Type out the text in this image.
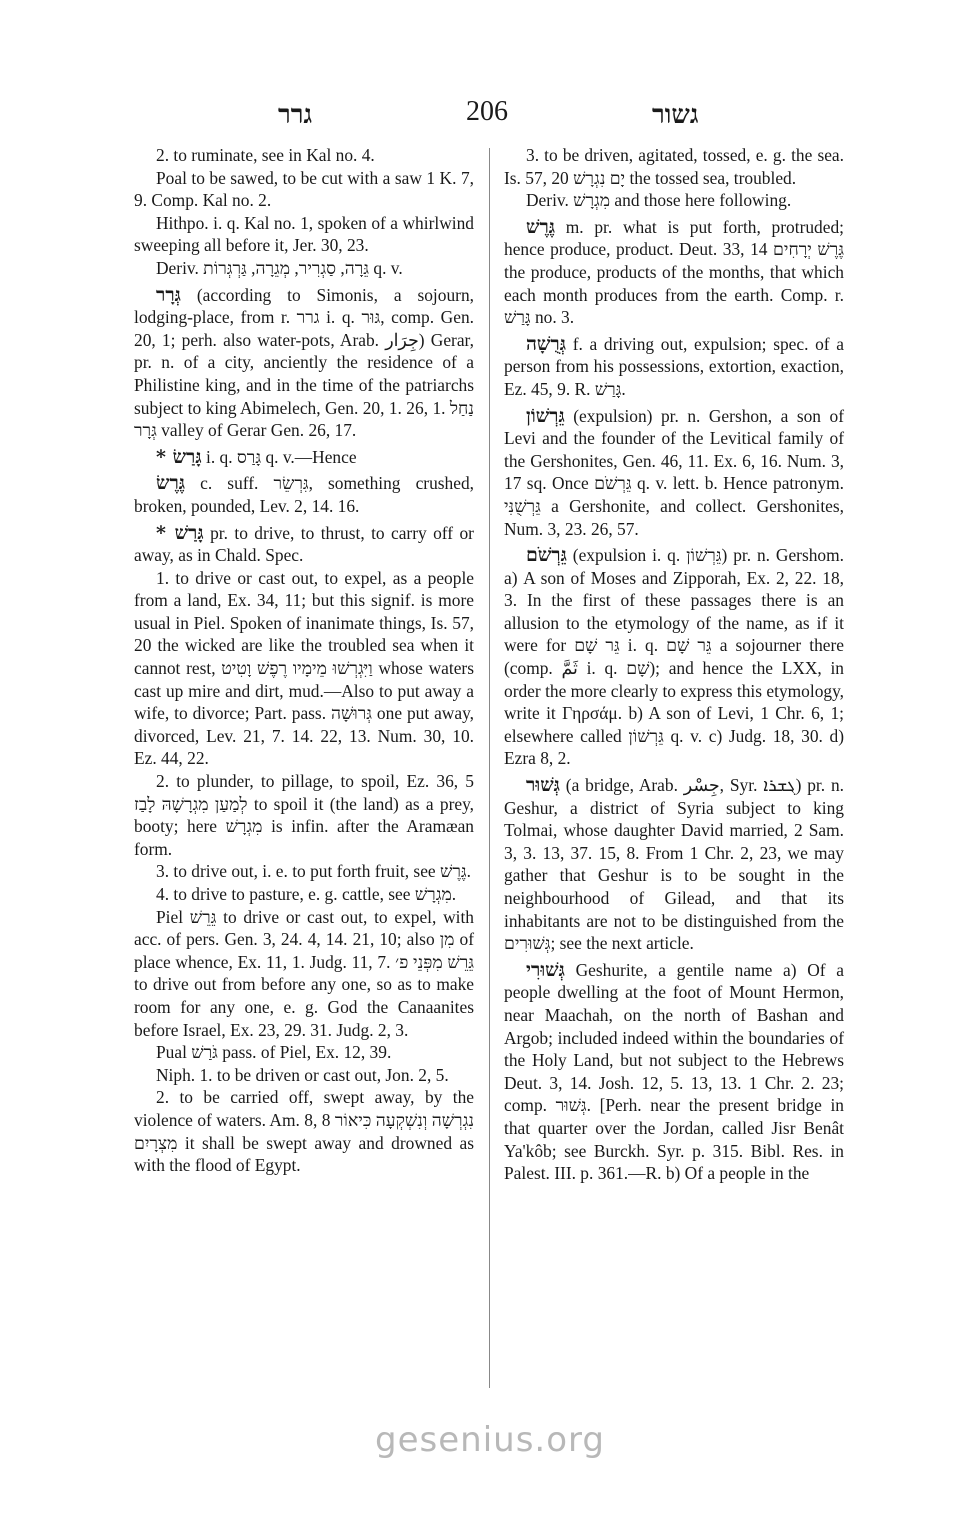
גרר	206	גשור

2. to ruminate, see in Kal no. 4.

Poal to be sawed, to be cut with a saw 1 K. 7, 9. Comp. Kal no. 2.

Hithpo. i. q. Kal no. 1, spoken of a whirlwind sweeping all before it, Jer. 30, 23.

Deriv. גֵּרָה, סַגְרִיר, מְגֵרָה, גַּרְגְּרוֹת q. v.

גְּרָר (according to Simonis, a sojourn, lodging-place, from r. גרר i. q. גּוּר, comp. Gen. 20, 1; perh. also water-pots, Arab. جِرَار) Gerar, pr. n. of a city, anciently the residence of a Philistine king, and in the time of the patriarchs subject to king Abimelech, Gen. 20, 1. 26, 1. נַחַל גְּרָר valley of Gerar Gen. 26, 17.

* גָּרַשׂ i. q. גָּרַס q. v.—Hence

גֶּרֶשׂ c. suff. גִּרְשֵׂר, something crushed, broken, pounded, Lev. 2, 14. 16.

* גָּרַשׁ pr. to drive, to thrust, to carry off or away, as in Chald. Spec.

1. to drive or cast out, to expel, as a people from a land, Ex. 34, 11; but this signif. is more usual in Piel. Spoken of inanimate things, Is. 57, 20 the wicked are like the troubled sea when it cannot rest, וַיִּגְרְשׁוּ מֵימָיו רֶפֶשׁ וָטִיט whose waters cast up mire and dirt, mud.—Also to put away a wife, to divorce; Part. pass. גְּרוּשָׁה one put away, divorced, Lev. 21, 7. 14. 22, 13. Num. 30, 10. Ez. 44, 22.

2. to plunder, to pillage, to spoil, Ez. 36, 5 לְמַעַן מִגְרָשָׁהּ לָבַז to spoil it (the land) as a prey, booty; here מִגְרָשׁ is infin. after the Aramæan form.

3. to drive out, i. e. to put forth fruit, see גֶּרֶשׁ.

4. to drive to pasture, e. g. cattle, see מִגְרָשׁ.

Piel גֵּרֵשׁ to drive or cast out, to expel, with acc. of pers. Gen. 3, 24. 4, 14. 21, 10; also מִן of place whence, Ex. 11, 1. Judg. 11, 7. גֵּרֵשׁ מִפְּנֵי פ׳ to drive out from before any one, so as to make room for any one, e. g. God the Canaanites before Israel, Ex. 23, 29. 31. Judg. 2, 3.

Pual גֹּרַשׁ pass. of Piel, Ex. 12, 39.

Niph. 1. to be driven or cast out, Jon. 2, 5.

2. to be carried off, swept away, by the violence of waters. Am. 8, 8 נִגְרְשָׁה וְנִשְׁקְעָה כִּיאוֹר מִצְרָיִם it shall be swept away and drowned as with the flood of Egypt.

3. to be driven, agitated, tossed, e. g. the sea. Is. 57, 20 יָם נִגְרָשׁ the tossed sea, troubled.

Deriv. מִגְרָשׁ and those here following.

גֶּרֶשׁ m. pr. what is put forth, protruded; hence produce, product. Deut. 33, 14 גֶּרֶשׁ יְרָחִים the produce, products of the months, that which each month produces from the earth. Comp. r. גָּרַשׁ no. 3.

גְּרֻשָׁה f. a driving out, expulsion; spec. of a person from his possessions, extortion, exaction, Ez. 45, 9. R. גָּרַשׁ.

גֵּרְשׁוֹן (expulsion) pr. n. Gershon, a son of Levi and the founder of the Levitical family of the Gershonites, Gen. 46, 11. Ex. 6, 16. Num. 3, 17 sq. Once גֵּרְשֹׁם q. v. lett. b. Hence patronym. גֵּרְשֻׁנִּי a Gershonite, and collect. Gershonites, Num. 3, 23. 26, 57.

גֵּרְשֹׁם (expulsion i. q. גֵּרְשׁוֹן) pr. n. Gershom. a) A son of Moses and Zipporah, Ex. 2, 22. 18, 3. In the first of these passages there is an allusion to the etymology of the name, as if it were for גֵּר שָׁם i. q. גֵּר שָׁם a sojourner there (comp. ثَمَّ i. q. שָׁם); and hence the LXX, in order the more clearly to express this etymology, write it Γηρσάμ. b) A son of Levi, 1 Chr. 6, 1; elsewhere called גֵּרְשׁוֹן q. v. c) Judg. 18, 30. d) Ezra 8, 2.

גְּשׁוּר (a bridge, Arab. جِسْر, Syr. ܓܫܪܐ) pr. n. Geshur, a district of Syria subject to king Tolmai, whose daughter David married, 2 Sam. 3, 3. 13, 37. 15, 8. From 1 Chr. 2, 23, we may gather that Geshur is to be sought in the neighbourhood of Gilead, and that its inhabitants are not to be distinguished from the גְּשׁוּרִים; see the next article.

גְּשׁוּרִי Geshurite, a gentile name a) Of a people dwelling at the foot of Mount Hermon, near Maachah, on the north of Bashan and Argob; included indeed within the boundaries of the Holy Land, but not subject to the Hebrews Deut. 3, 14. Josh. 12, 5. 13, 13. 1 Chr. 2. 23; comp. גְּשׁוּר. [Perh. near the present bridge in that quarter over the Jordan, called Jisr Benât Ya'kôb; see Burckh. Syr. p. 315. Bibl. Res. in Palest. III. p. 361.—R. b) Of a people in the

gesenius.org
